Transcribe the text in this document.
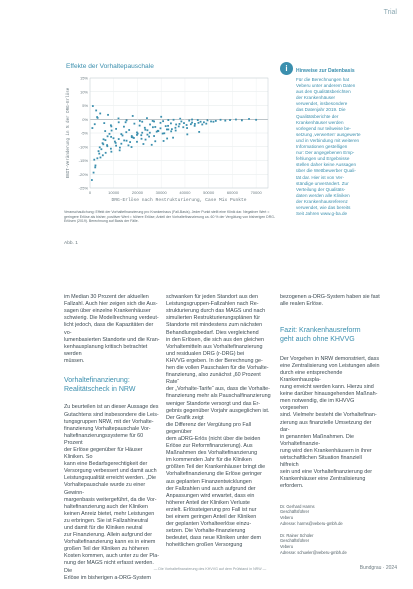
Trial
Effekte der Vorhaltepauschale
15%
10%
5%
0%
-5%
-10%
-15%
-20%
-25%
0	10000	20000	30000	40000	50000	60000	70000
EBIT-Veränderung in % der DRG-Erlöse
DRG-Erlöse nach Restrukturierung, Case Mix Punkte
Veranschaulichung: Effekt der Vorhaltefinanzierung pro Krankenhaus (Fall-Basis). Jeder Punkt stellt eine Klinik dar. Negativer Wert = geringere Erlöse als bisher, positiver Wert = höhere Erlöse; Anteil der Vorhaltefinanzierung ca. 60 % der Vergütung von bisherigen DRG-Erlösen (2019). Berechnung auf Basis der Fälle.
Abb. 1
i Hinweise zur Datenbasis
Für die Berechnungen hat
Veberu unter anderem Daten
aus den Qualitätsberichten
der Krankenhäuser
verwendet, insbesondere
das Datenjahr 2019. Die
Qualitätsberichte der
Krankenhäuser werden
vorlegend nur teilweise be-
setzung ‚verwerten‘ ausgewerte
und in Verbindung mit weiteren
Informationen gestelligen
nur: Der angegebenen Emp-
fehlungen und Ergebnisse
stellen daher keine Aussagen
über die Wettbewerber Quali-
tät dar. Hier ist von Ver-
ständige unverändert. Zur
Verteilung der Qualitäts-
daten werden alle Kliniken
der Krankenhausreferenz
verwendet, wie das bereits
Seit Jahren www.g-ba.de

im Median 30 Prozent der aktuellen
Fallzahl. Auch hier zeigen sich die Aus-
sagen über einzelne Krankenhäuser
schwierig. Die Modellrechnung verdeut-
licht jedoch, dass die Kapazitäten der vo-
lumenbasierten Standorte und die Kran-
kenhausplanung kritisch betrachtet werden
müssen.

Vorhaltefinanzierung:
Realitätscheck in NRW

Zu beurteilen ist an dieser Aussage des
Gutachtens sind insbesondere die Leis-
tungsgruppen NRW, mit der Vorhalte-
finanzierung Vorhaltepauschale Vor-
haltefinanzierungssysteme für 60 Prozent
der Erlöse gegenüber für Häuser Kliniken. So
kann eine Bedarfsgerechtigkeit der
Versorgung verbessert und damit auch
Leistungsqualität erreicht werden. „Die
Vorhaltepauschale wurde zu einer Gewinn-
margenbasis weitergeführt, da die Vor-
haltefinanzierung auch der Kliniken
keinen Anreiz bietet, mehr Leistungen
zu erbringen. Sie ist Fallzahlneutral
und damit für die Kliniken neutral
zur Finanzierung. Allein aufgrund der
Vorhaltefinanzierung kann es in einem
großen Teil der Kliniken zu höheren
Kosten kommen, auch unter zu der Pla-
nung der MAGS nicht erfasst werden. Die
Erlöse im bisherigen a-DRG-System

schwanken für jeden Standort aus den
Leistungsgruppen-Fallzahlen nach Re-
strukturierung durch das MAGS und nach
simulierten Restrukturierungsplänen für
Standorte mit mindestens zum nächsten
Behandlungsbedarf. Dies vergleichend
in den Erlösen, die sich aus den gleichen
Vorhaltemitteln aus Vorhaltefinanzierung
und residualen DRG (r-DRG) bei
KHVVG ergeben. In der Berechnung ge-
hen die vollen Pauschalen für die Vorhalte-
finanzierung, also zunächst „60 Prozent Rate“
der „Vorhalte-Tarife“ aus, dass die Vorhalte-
finanzierung mehr als Pauschalfinanzierung
weniger Standorte versorgt und das Er-
gebnis gegenüber Vorjahr ausgeglichen ist. Der Grafik zeigt
die Differenz der Vergütung pro Fall gegenüber
dem aDRG-Erlös (nicht über die beiden
Erlöse zur Reformfinanzierung). Aus
Maßnahmen des Vorhaltefinanzierung
im kommenden Jahr für die Kliniken
größten Teil der Krankenhäuser bringt die
Vorhaltefinanzierung die Erlöse geringer
aus geplanten Finanzentwicklungen
der Fallzahlen und auch aufgrund der
Anpassungen wird erwartet, dass ein
höherer Anteil der Kliniken Verluste
erzielt. Erlössteigerung pro Fall ist nur
bei einem geringen Anteil der Kliniken
der geplanten Vorhalteerlöse einzu-
setzen. Die Vorhalte-finanzierung
bedeutet, dass neue Kliniken unter dem
hoheitlichen großen Versorgung

bezogenen a-DRG-System haben sie fast
alle realen Erlöse.

Fazit: Krankenhausreform
geht auch ohne KHVVG

Der Vorgehen in NRW demonstriert, dass
eine Zentralisierung von Leistungen allein
durch eine entsprechende Krankenhauspla-
nung erreicht werden kann. Hierzu sind
keine darüber hinausgehenden Maßnah-
men notwendig, die im KHVVG vorgesehen
sind. Vielmehr besteht die Vorhaltefinan-
zierung aus finanzielle Umsetzung der dar-
in genannten Maßnahmen. Die Vorhaltefinanzie-
rung wird den Krankenhäusern in ihrer
wirtschaftlichen Situation finanziell hilfreich
sein und eine Vorhaltefinanzierung der
Krankenhäuser eine Zentralisierung
erfordern.

Dr. Gerhard Harms
Geschäftsführer
Veberu
Adresse: harms@veberu-gmbh.de

Dr. Rainer Schüler
Geschäftsführer
Veberu
Adresse: schueler@veberu-gmbh.de

— Die Vorhaltefinanzierung des KHVVG auf dem Prüfstand in NRW —	Bundgrau · 2024
